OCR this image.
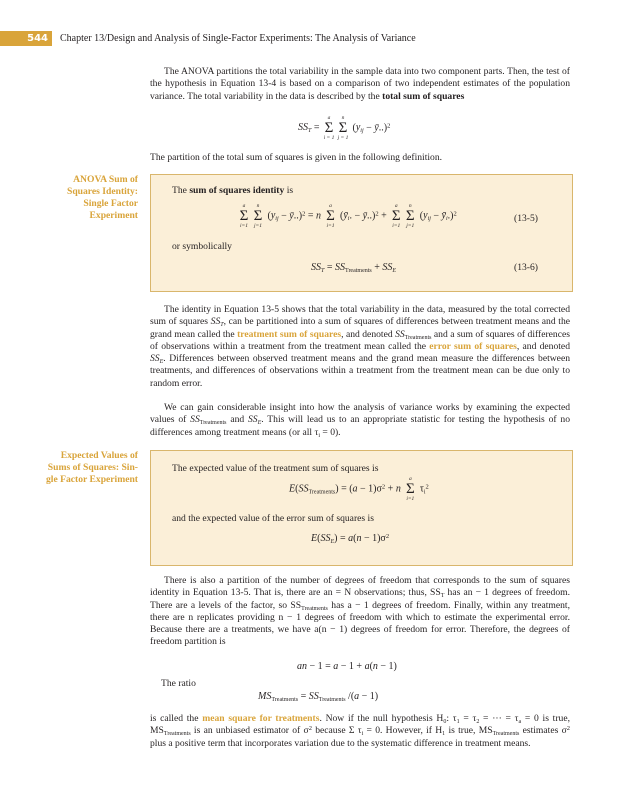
544	Chapter 13/Design and Analysis of Single-Factor Experiments: The Analysis of Variance
The ANOVA partitions the total variability in the sample data into two component parts. Then, the test of the hypothesis in Equation 13-4 is based on a comparison of two independent estimates of the population variance. The total variability in the data is described by the total sum of squares
$SS_T$ =
a
Σ
i = 1
n
Σ
j = 1
($y_{ij}$ − ȳ..)$^2$
The partition of the total sum of squares is given in the following definition.
ANOVA Sum of
Squares Identity:
Single Factor
Experiment
The sum of squares identity is
a
Σ
i=1
n
Σ
j=1
($y_{ij}$ − ȳ..)$^2$ = n
a
Σ
i=1
($ȳ_i$. − ȳ..)$^2$ +
a
Σ
i=1
n
Σ
j=1
($y_{ij}$ − $ȳ_i.)^2$	(13-5)
or symbolically
$SS_T = SS_{Treatments} + SS_E$	(13-6)
The identity in Equation 13-5 shows that the total variability in the data, measured by the total corrected sum of squares $SS_T$, can be partitioned into a sum of squares of differences between treatment means and the grand mean called the treatment sum of squares, and denoted $SS_{Treatments}$ and a sum of squares of differences of observations within a treatment from the treatment mean called the error sum of squares, and denoted $SS_E$. Differences between observed treatment means and the grand mean measure the differences between treatments, and differences of observations within a treatment from the treatment mean can be due only to random error.
We can gain considerable insight into how the analysis of variance works by examining the expected values of $SS_{Treatments}$ and $SS_E$. This will lead us to an appropriate statistic for testing the hypothesis of no differences among treatment means (or all $\tau_i = 0$).
Expected Values of
Sums of Squares: Sin-
gle Factor Experiment
The expected value of the treatment sum of squares is
$E(SS_{Treatments}) = (a - 1)\sigma^2 + n$
a
Σ
i=1
$\tau_i^2$
and the expected value of the error sum of squares is
$E(SS_E) = a(n - 1)\sigma^2$
There is also a partition of the number of degrees of freedom that corresponds to the sum of squares identity in Equation 13-5. That is, there are an = N observations; thus, $SS_T$ has an − 1 degrees of freedom. There are a levels of the factor, so $SS_{Treatments}$ has a − 1 degrees of freedom. Finally, within any treatment, there are n replicates providing n − 1 degrees of freedom with which to estimate the experimental error. Because there are a treatments, we have a(n − 1) degrees of freedom for error. Therefore, the degrees of freedom partition is
an − 1 = a − 1 + a(n − 1)
The ratio
$MS_{Treatments} = SS_{Treatments}$ /(a − 1)
is called the mean square for treatments. Now if the null hypothesis $H_0$: $\tau_1 = \tau_2$ = ··· = $\tau_a = 0$ is true, $MS_{Treatments}$ is an unbiased estimator of $\sigma^2$ because Σ $\tau_i = 0$. However, if $H_1$ is true, $MS_{Treatments}$ estimates $\sigma^2$ plus a positive term that incorporates variation due to the systematic difference in treatment means.
